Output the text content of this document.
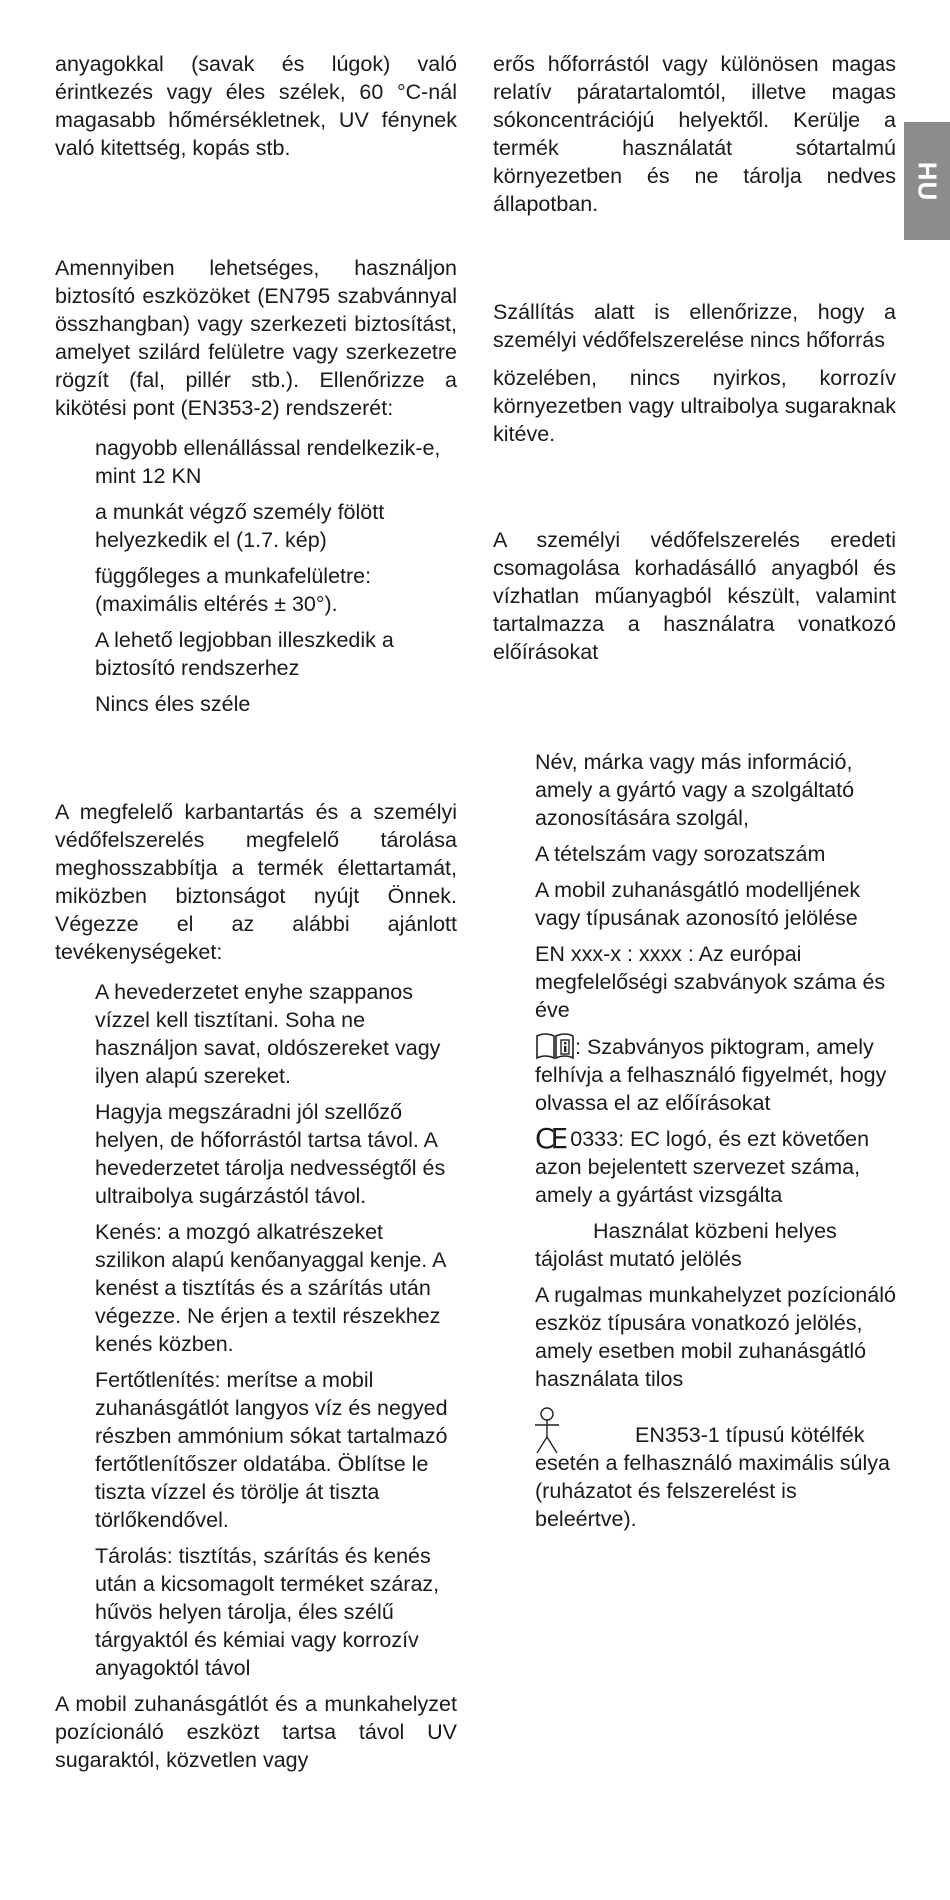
HU

anyagokkal (savak és lúgok) való érintkezés vagy éles szélek, 60 °C-nál magasabb hőmérsékletnek, UV fénynek való kitettség, kopás stb.

Amennyiben lehetséges, használjon biztosító eszközöket (EN795 szabvánnyal összhangban) vagy szerkezeti biztosítást, amelyet szilárd felületre vagy szerkezetre rögzít (fal, pillér stb.). Ellenőrizze a kikötési pont (EN353-2) rendszerét:

nagyobb ellenállással rendelkezik-e, mint 12 KN

a munkát végző személy fölött helyezkedik el (1.7. kép)

függőleges a munkafelületre: (maximális eltérés ± 30°).

A lehető legjobban illeszkedik a biztosító rendszerhez

Nincs éles széle

A megfelelő karbantartás és a személyi védőfelszerelés megfelelő tárolása meghosszabbítja a termék élettartamát, miközben biztonságot nyújt Önnek. Végezze el az alábbi ajánlott tevékenységeket:

A hevederzetet enyhe szappanos vízzel kell tisztítani. Soha ne használjon savat, oldószereket vagy ilyen alapú szereket.

Hagyja megszáradni jól szellőző helyen, de hőforrástól tartsa távol. A hevederzetet tárolja nedvességtől és ultraibolya sugárzástól távol.

Kenés: a mozgó alkatrészeket szilikon alapú kenőanyaggal kenje. A kenést a tisztítás és a szárítás után végezze. Ne érjen a textil részekhez kenés közben.

Fertőtlenítés: merítse a mobil zuhanásgátlót langyos víz és negyed részben ammónium sókat tartalmazó fertőtlenítőszer oldatába. Öblítse le tiszta vízzel és törölje át tiszta törlőkendővel.

Tárolás: tisztítás, szárítás és kenés után a kicsomagolt terméket száraz, hűvös helyen tárolja, éles szélű tárgyaktól és kémiai vagy korrozív anyagoktól távol

A mobil zuhanásgátlót és a munkahelyzet pozícionáló eszközt tartsa távol UV sugaraktól, közvetlen vagy

erős hőforrástól vagy különösen magas relatív páratartalomtól, illetve magas sókoncentrációjú helyektől. Kerülje a termék használatát sótartalmú környezetben és ne tárolja nedves állapotban.

Szállítás alatt is ellenőrizze, hogy a személyi védőfelszerelése nincs hőforrás

közelében, nincs nyirkos, korrozív környezetben vagy ultraibolya sugaraknak kitéve.

A személyi védőfelszerelés eredeti csomagolása korhadásálló anyagból és vízhatlan műanyagból készült, valamint tartalmazza a használatra vonatkozó előírásokat

Név, márka vagy más információ, amely a gyártó vagy a szolgáltató azonosítására szolgál,

A tételszám vagy sorozatszám

A mobil zuhanásgátló modelljének vagy típusának azonosító jelölése

EN xxx-x : xxxx : Az európai megfelelőségi szabványok száma és éve

: Szabványos piktogram, amely felhívja a felhasználó figyelmét, hogy olvassa el az előírásokat

CE 0333: EC logó, és ezt követően azon bejelentett szervezet száma, amely a gyártást vizsgálta

Használat közbeni helyes tájolást mutató jelölés

A rugalmas munkahelyzet pozícionáló eszköz típusára vonatkozó jelölés, amely esetben mobil zuhanásgátló használata tilos

EN353-1 típusú kötélfék esetén a felhasználó maximális súlya (ruházatot és felszerelést is beleértve).
